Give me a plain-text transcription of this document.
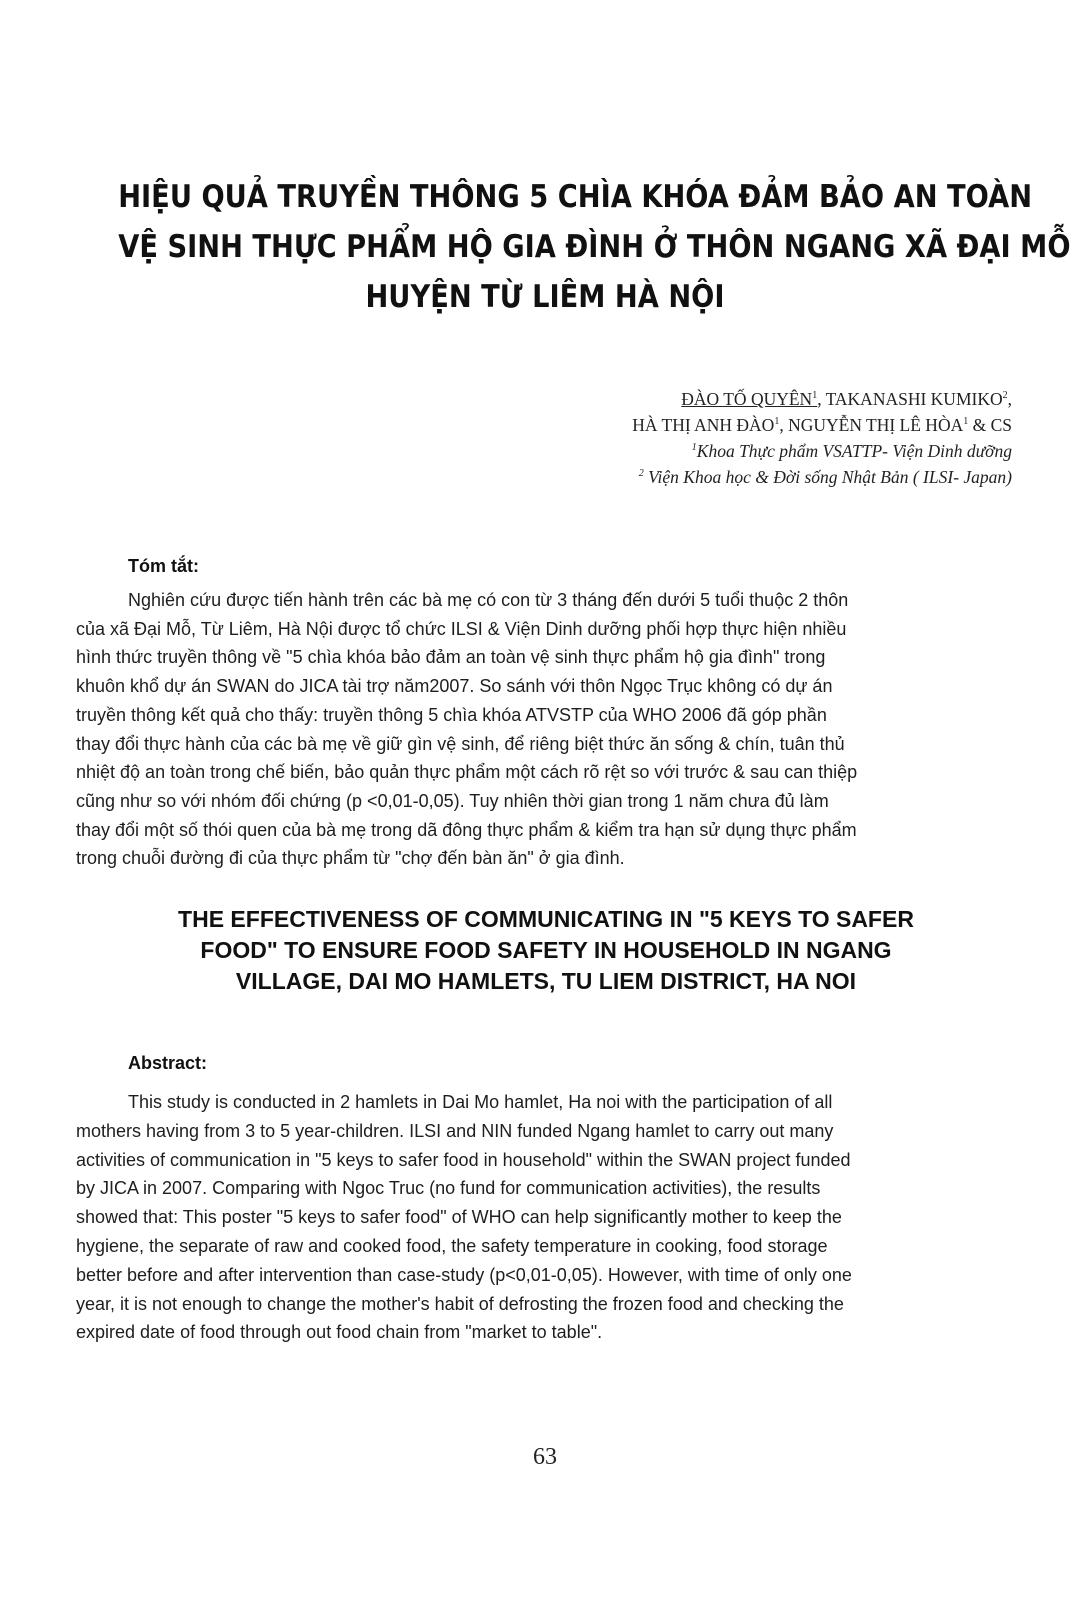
HIỆU QUẢ TRUYỀN THÔNG 5 CHÌA KHÓA ĐẢM BẢO AN TOÀN
VỆ SINH THỰC PHẨM HỘ GIA ĐÌNH Ở THÔN NGANG XÃ ĐẠI MỖ
HUYỆN TỪ LIÊM HÀ NỘI
ĐÀO TỐ QUYÊN$^1$, TAKANASHI KUMIKO$^2$,
HÀ THỊ ANH ĐÀO$^1$, NGUYỄN THỊ LÊ HÒA$^1$ & CS
$^1$Khoa Thực phẩm VSATTP- Viện Dinh dưỡng
$^2$ Viện Khoa học & Đời sống Nhật Bản ( ILSI- Japan)
Tóm tắt:
Nghiên cứu được tiến hành trên các bà mẹ có con từ 3 tháng đến dưới 5 tuổi thuộc 2 thôn
của xã Đại Mỗ, Từ Liêm, Hà Nội được tổ chức ILSI & Viện Dinh dưỡng phối hợp thực hiện nhiều
hình thức truyền thông về "5 chìa khóa bảo đảm an toàn vệ sinh thực phẩm hộ gia đình" trong
khuôn khổ dự án SWAN do JICA tài trợ năm2007. So sánh với thôn Ngọc Trục không có dự án
truyền thông kết quả cho thấy: truyền thông 5 chìa khóa ATVSTP của WHO 2006 đã góp phần
thay đổi thực hành của các bà mẹ về giữ gìn vệ sinh, để riêng biệt thức ăn sống & chín, tuân thủ
nhiệt độ an toàn trong chế biến, bảo quản thực phẩm một cách rõ rệt so với trước & sau can thiệp
cũng như so với nhóm đối chứng (p <0,01-0,05). Tuy nhiên thời gian trong 1 năm chưa đủ làm
thay đổi một số thói quen của bà mẹ trong dã đông thực phẩm & kiểm tra hạn sử dụng thực phẩm
trong chuỗi đường đi của thực phẩm từ "chợ đến bàn ăn" ở gia đình.
THE EFFECTIVENESS OF COMMUNICATING IN "5 KEYS TO SAFER
FOOD" TO ENSURE FOOD SAFETY IN HOUSEHOLD IN NGANG
VILLAGE, DAI MO HAMLETS, TU LIEM DISTRICT, HA NOI
Abstract:
This study is conducted in 2 hamlets in Dai Mo hamlet, Ha noi with the participation of all
mothers having from 3 to 5 year-children. ILSI and NIN funded Ngang hamlet to carry out many
activities of communication in "5 keys to safer food in household" within the SWAN project funded
by JICA in 2007. Comparing with Ngoc Truc (no fund for communication activities), the results
showed that: This poster "5 keys to safer food" of WHO can help significantly mother to keep the
hygiene, the separate of raw and cooked food, the safety temperature in cooking, food storage
better before and after intervention than case-study (p<0,01-0,05). However, with time of only one
year, it is not enough to change the mother's habit of defrosting the frozen food and checking the
expired date of food through out food chain from "market to table".
63
